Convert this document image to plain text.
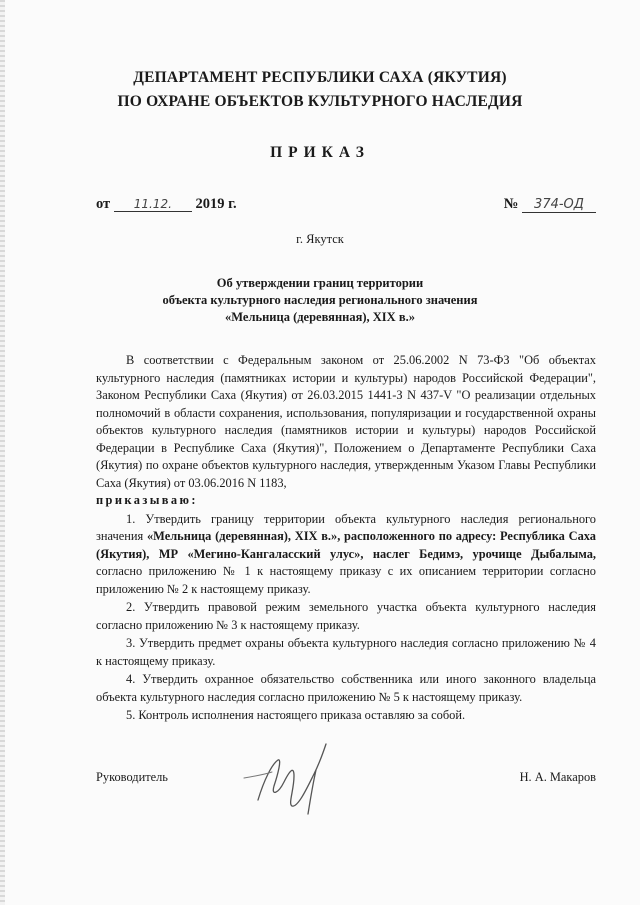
ДЕПАРТАМЕНТ РЕСПУБЛИКИ САХА (ЯКУТИЯ)
ПО ОХРАНЕ ОБЪЕКТОВ КУЛЬТУРНОГО НАСЛЕДИЯ
ПРИКАЗ
от 11.12. 2019 г.	№ 374-ОД
г. Якутск
Об утверждении границ территории
объекта культурного наследия регионального значения
«Мельница (деревянная), XIX в.»

В соответствии с Федеральным законом от 25.06.2002 N 73-ФЗ "Об объектах культурного наследия (памятниках истории и культуры) народов Российской Федерации", Законом Республики Саха (Якутия) от 26.03.2015 1441-З N 437-V "О реализации отдельных полномочий в области сохранения, использования, популяризации и государственной охраны объектов культурного наследия (памятников истории и культуры) народов Российской Федерации в Республике Саха (Якутия)", Положением о Департаменте Республики Саха (Якутия) по охране объектов культурного наследия, утвержденным Указом Главы Республики Саха (Якутия) от 03.06.2016 N 1183,

приказываю:

1. Утвердить границу территории объекта культурного наследия регионального значения «Мельница (деревянная), XIX в.», расположенного по адресу: Республика Саха (Якутия), МР «Мегино-Кангаласский улус», наслег Бедимэ, урочище Дыбалыма, согласно приложению № 1 к настоящему приказу с их описанием территории согласно приложению № 2 к настоящему приказу.

2. Утвердить правовой режим земельного участка объекта культурного наследия согласно приложению № 3 к настоящему приказу.

3. Утвердить предмет охраны объекта культурного наследия согласно приложению № 4 к настоящему приказу.

4. Утвердить охранное обязательство собственника или иного законного владельца объекта культурного наследия согласно приложению № 5 к настоящему приказу.

5. Контроль исполнения настоящего приказа оставляю за собой.

Руководитель	Н. А. Макаров
